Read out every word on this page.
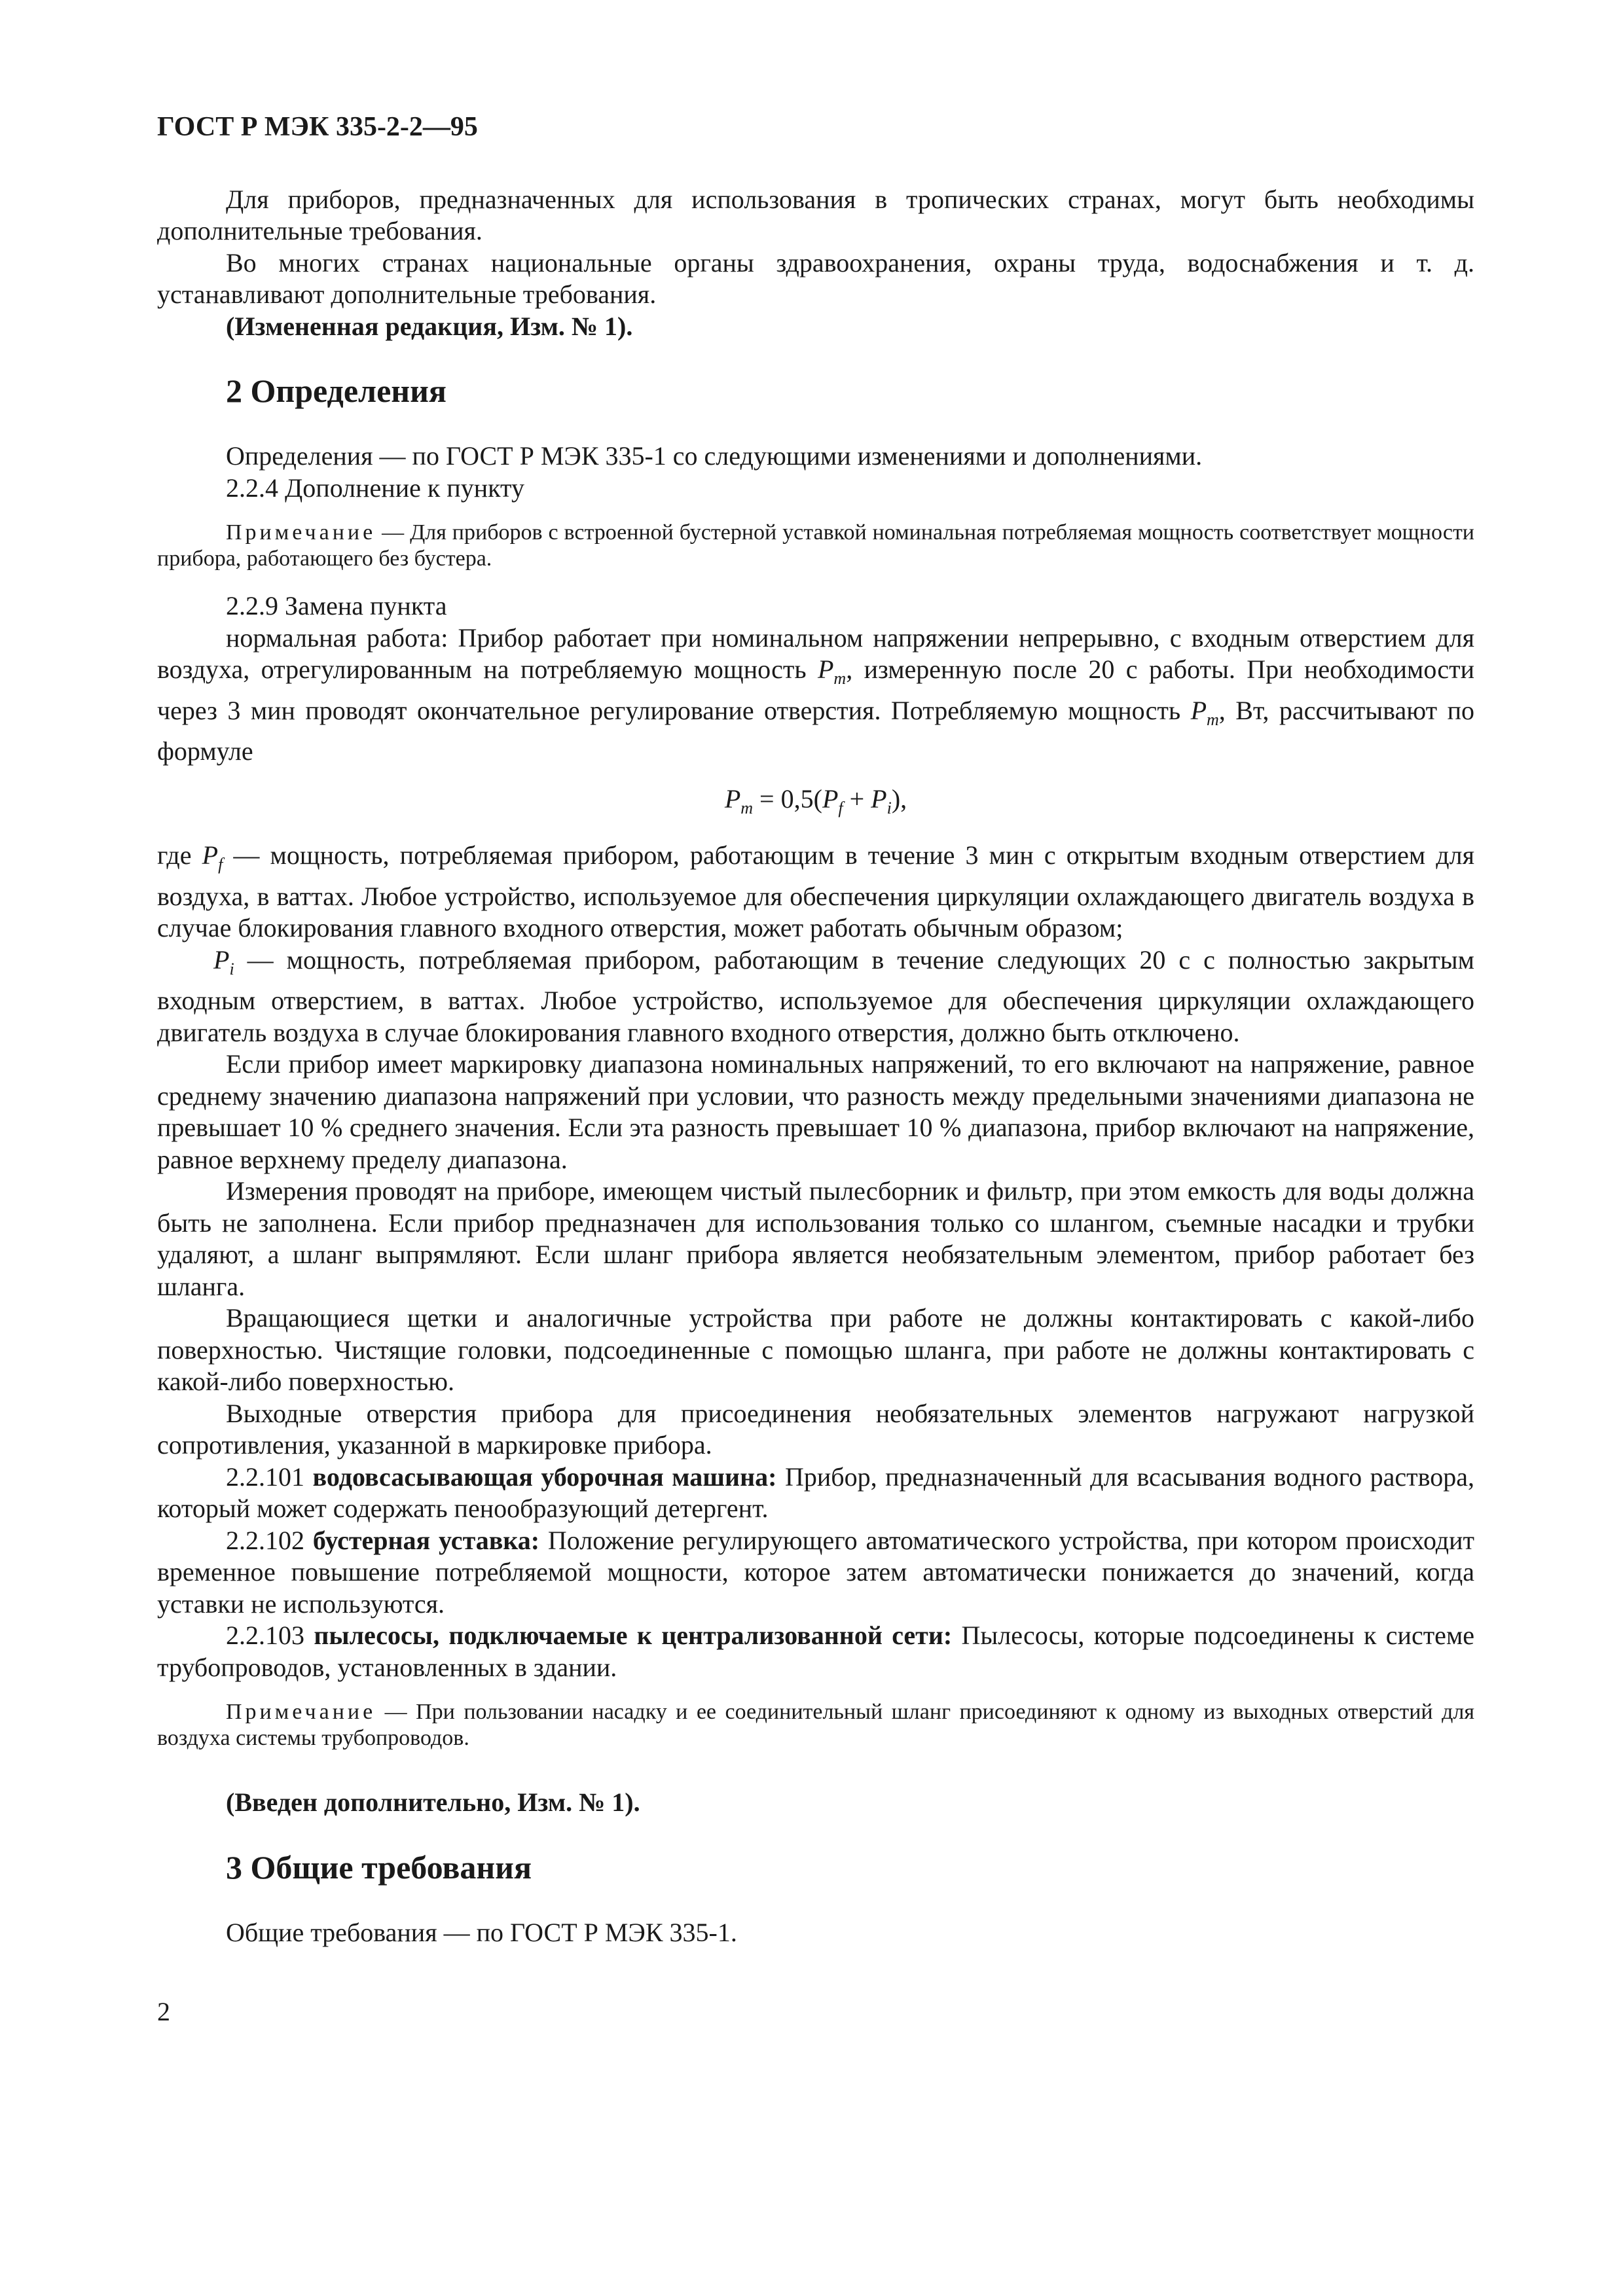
ГОСТ Р МЭК 335-2-2—95

Для приборов, предназначенных для использования в тропических странах, могут быть необходимы дополнительные требования.

Во многих странах национальные органы здравоохранения, охраны труда, водоснабжения и т. д. устанавливают дополнительные требования.

(Измененная редакция, Изм. № 1).

2 Определения

Определения — по ГОСТ Р МЭК 335-1 со следующими изменениями и дополнениями.

2.2.4 Дополнение к пункту

Примечание — Для приборов с встроенной бустерной уставкой номинальная потребляемая мощность соответствует мощности прибора, работающего без бустера.

2.2.9 Замена пункта

нормальная работа: Прибор работает при номинальном напряжении непрерывно, с входным отверстием для воздуха, отрегулированным на потребляемую мощность $P_m$, измеренную после 20 с работы. При необходимости через 3 мин проводят окончательное регулирование отверстия. Потребляемую мощность $P_m$, Вт, рассчитывают по формуле

$P_m = 0,5(P_f + P_i)$,

где $P_f$ — мощность, потребляемая прибором, работающим в течение 3 мин с открытым входным отверстием для воздуха, в ваттах. Любое устройство, используемое для обеспечения циркуляции охлаждающего двигатель воздуха в случае блокирования главного входного отверстия, может работать обычным образом;

$P_i$ — мощность, потребляемая прибором, работающим в течение следующих 20 с с полностью закрытым входным отверстием, в ваттах. Любое устройство, используемое для обеспечения циркуляции охлаждающего двигатель воздуха в случае блокирования главного входного отверстия, должно быть отключено.

Если прибор имеет маркировку диапазона номинальных напряжений, то его включают на напряжение, равное среднему значению диапазона напряжений при условии, что разность между предельными значениями диапазона не превышает 10 % среднего значения. Если эта разность превышает 10 % диапазона, прибор включают на напряжение, равное верхнему пределу диапазона.

Измерения проводят на приборе, имеющем чистый пылесборник и фильтр, при этом емкость для воды должна быть не заполнена. Если прибор предназначен для использования только со шлангом, съемные насадки и трубки удаляют, а шланг выпрямляют. Если шланг прибора является необязательным элементом, прибор работает без шланга.

Вращающиеся щетки и аналогичные устройства при работе не должны контактировать с какой-либо поверхностью. Чистящие головки, подсоединенные с помощью шланга, при работе не должны контактировать с какой-либо поверхностью.

Выходные отверстия прибора для присоединения необязательных элементов нагружают нагрузкой сопротивления, указанной в маркировке прибора.

2.2.101 водовсасывающая уборочная машина: Прибор, предназначенный для всасывания водного раствора, который может содержать пенообразующий детергент.

2.2.102 бустерная уставка: Положение регулирующего автоматического устройства, при котором происходит временное повышение потребляемой мощности, которое затем автоматически понижается до значений, когда уставки не используются.

2.2.103 пылесосы, подключаемые к централизованной сети: Пылесосы, которые подсоединены к системе трубопроводов, установленных в здании.

Примечание — При пользовании насадку и ее соединительный шланг присоединяют к одному из выходных отверстий для воздуха системы трубопроводов.

(Введен дополнительно, Изм. № 1).

3 Общие требования

Общие требования — по ГОСТ Р МЭК 335-1.

2
